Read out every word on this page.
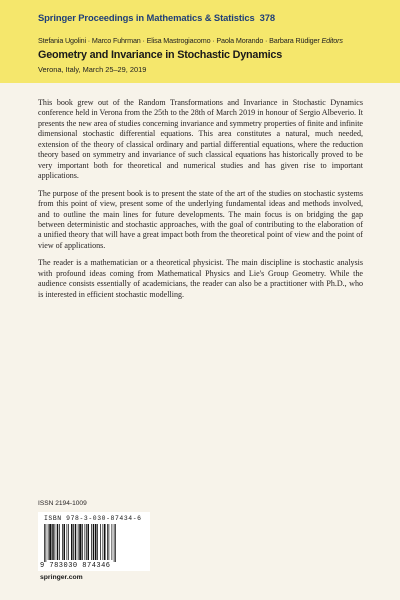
Springer Proceedings in Mathematics & Statistics 378
Stefania Ugolini · Marco Fuhrman · Elisa Mastrogiacomo · Paola Morando · Barbara Rüdiger Editors
Geometry and Invariance in Stochastic Dynamics
Verona, Italy, March 25–29, 2019

This book grew out of the Random Transformations and Invariance in Stochastic Dynamics conference held in Verona from the 25th to the 28th of March 2019 in honour of Sergio Albeverio. It presents the new area of studies concerning invariance and symmetry properties of finite and infinite dimensional stochastic differential equations. This area constitutes a natural, much needed, extension of the theory of classical ordinary and partial differential equations, where the reduction theory based on symmetry and invariance of such classical equations has historically proved to be very important both for theoretical and numerical studies and has given rise to important applications.

The purpose of the present book is to present the state of the art of the studies on stochastic systems from this point of view, present some of the underlying fundamental ideas and methods involved, and to outline the main lines for future developments. The main focus is on bridging the gap between deterministic and stochastic approaches, with the goal of contributing to the elaboration of a unified theory that will have a great impact both from the theoretical point of view and the point of view of applications.

The reader is a mathematician or a theoretical physicist. The main discipline is stochastic analysis with profound ideas coming from Mathematical Physics and Lie's Group Geometry. While the audience consists essentially of academicians, the reader can also be a practitioner with Ph.D., who is interested in efficient stochastic modelling.

ISSN 2194-1009
ISBN 978-3-030-87434-6
9 783030 874346
springer.com
